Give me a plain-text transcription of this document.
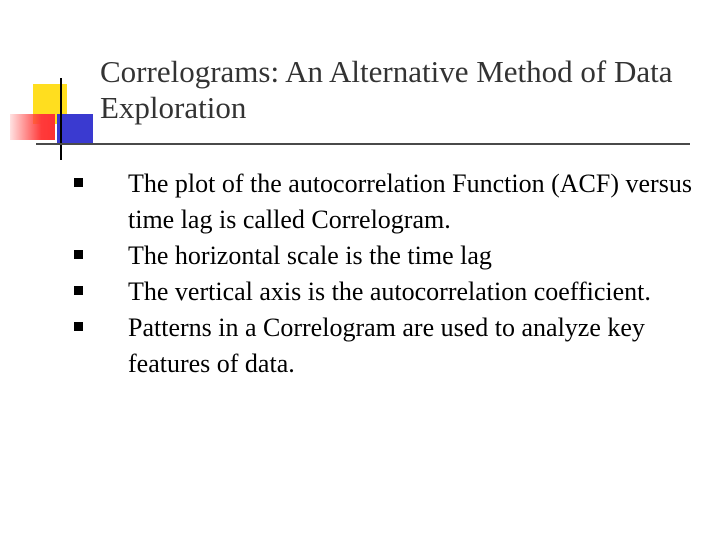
Correlograms: An Alternative Method of Data Exploration
The plot of the autocorrelation Function (ACF) versus time lag is called Correlogram.
The horizontal scale is the time lag
The vertical axis is the autocorrelation coefficient.
Patterns in a Correlogram are used to analyze key features of data.
